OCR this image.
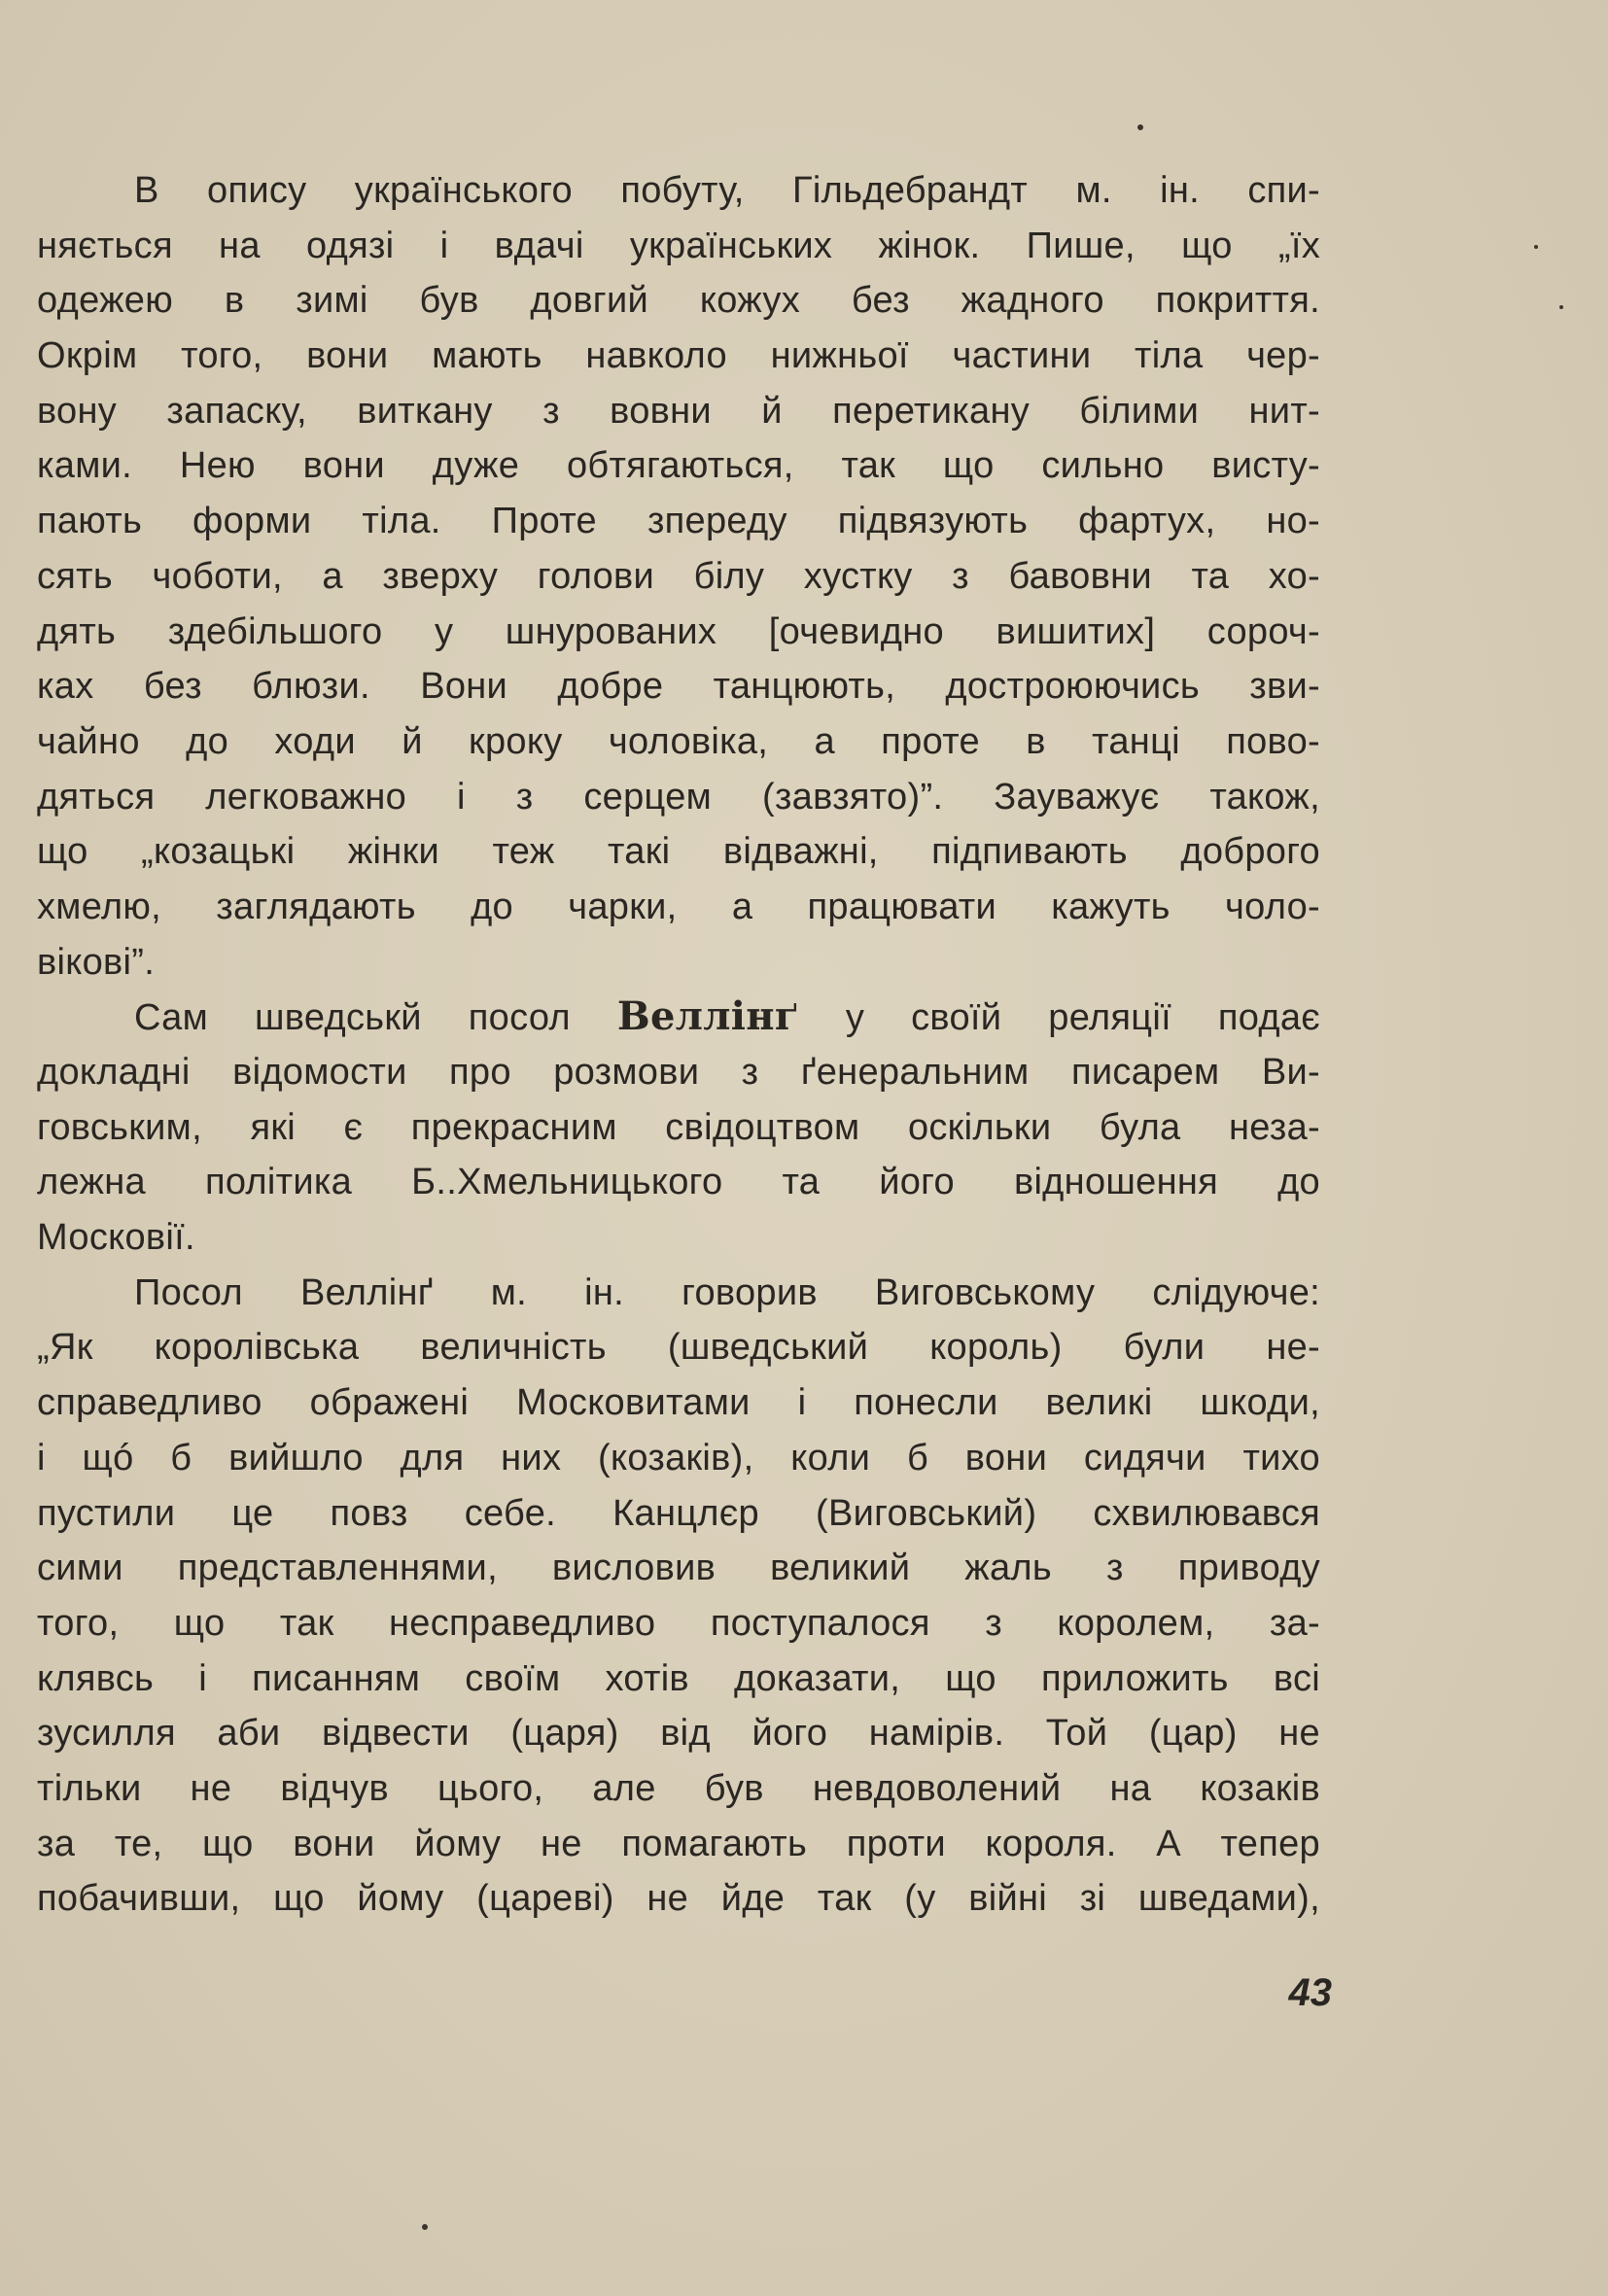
В опису українського побуту, Гільдебрандт м. ін. спи-
няється на одязі і вдачі українських жінок. Пише, що „їх
одежею в зимі був довгий кожух без жадного покриття.
Окрім того, вони мають навколо нижньої частини тіла чер-
вону запаску, виткану з вовни й перетикану білими нит-
ками. Нею вони дуже обтягаються, так що сильно висту-
пають форми тіла. Проте зпереду підвязують фартух, но-
сять чоботи, а зверху голови білу хустку з бавовни та хо-
дять здебільшого у шнурованих [очевидно вишитих] сороч-
ках без блюзи. Вони добре танцюють, достроюючись зви-
чайно до ходи й кроку чоловіка, а проте в танці пово-
дяться легковажно і з серцем (завзято)”. Зауважує також,
що „козацькі жінки теж такі відважні, підпивають доброго
хмелю, заглядають до чарки, а працювати кажуть чоло-
вікові”.
Сам шведськй посол Веллінґ у своїй реляції подає
докладні відомости про розмови з ґенеральним писарем Ви-
говським, які є прекрасним свідоцтвом оскільки була неза-
лежна політика Б..Хмельницького та його відношення до
Московії.
Посол Веллінґ м. ін. говорив Виговському слідуюче:
„Як королівська величність (шведський король) були не-
справедливо ображені Московитами і понесли великі шкоди,
і щó б вийшло для них (козаків), коли б вони сидячи тихо
пустили це повз себе. Канцлєр (Виговський) схвилювався
сими представленнями, висловив великий жаль з приводу
того, що так несправедливо поступалося з королем, за-
клявсь і писанням своїм хотів доказати, що приложить всі
зусилля аби відвести (царя) від його намірів. Той (цар) не
тільки не відчув цього, але був невдоволений на козаків
за те, що вони йому не помагають проти короля. А тепер
побачивши, що йому (цареві) не йде так (у війні зі шведами),
43
